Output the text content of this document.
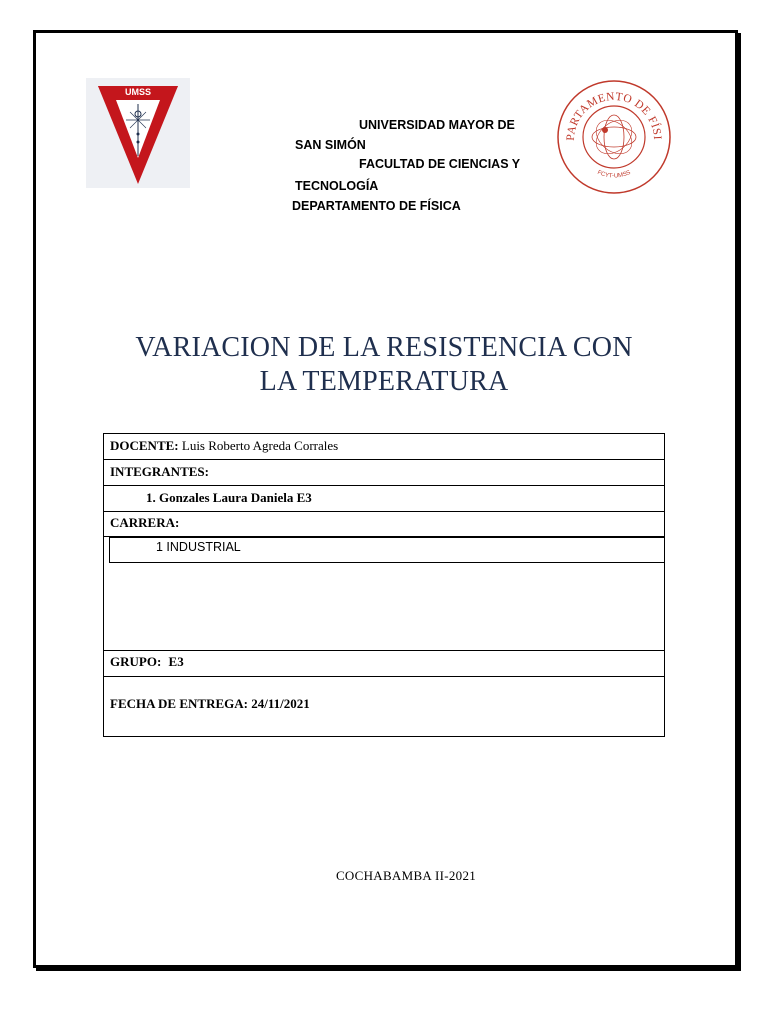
UMSS
PARTAMENTO DE FÍSI
FCYT-UMSS
UNIVERSIDAD MAYOR DE
SAN SIMÓN
FACULTAD DE CIENCIAS Y
TECNOLOGÍA
DEPARTAMENTO DE FÍSICA
VARIACION DE LA RESISTENCIA CON
LA TEMPERATURA
DOCENTE: Luis Roberto Agreda Corrales
INTEGRANTES:
1. Gonzales Laura Daniela E3
CARRERA:
1 INDUSTRIAL
GRUPO: E3
FECHA DE ENTREGA: 24/11/2021
COCHABAMBA II-2021
